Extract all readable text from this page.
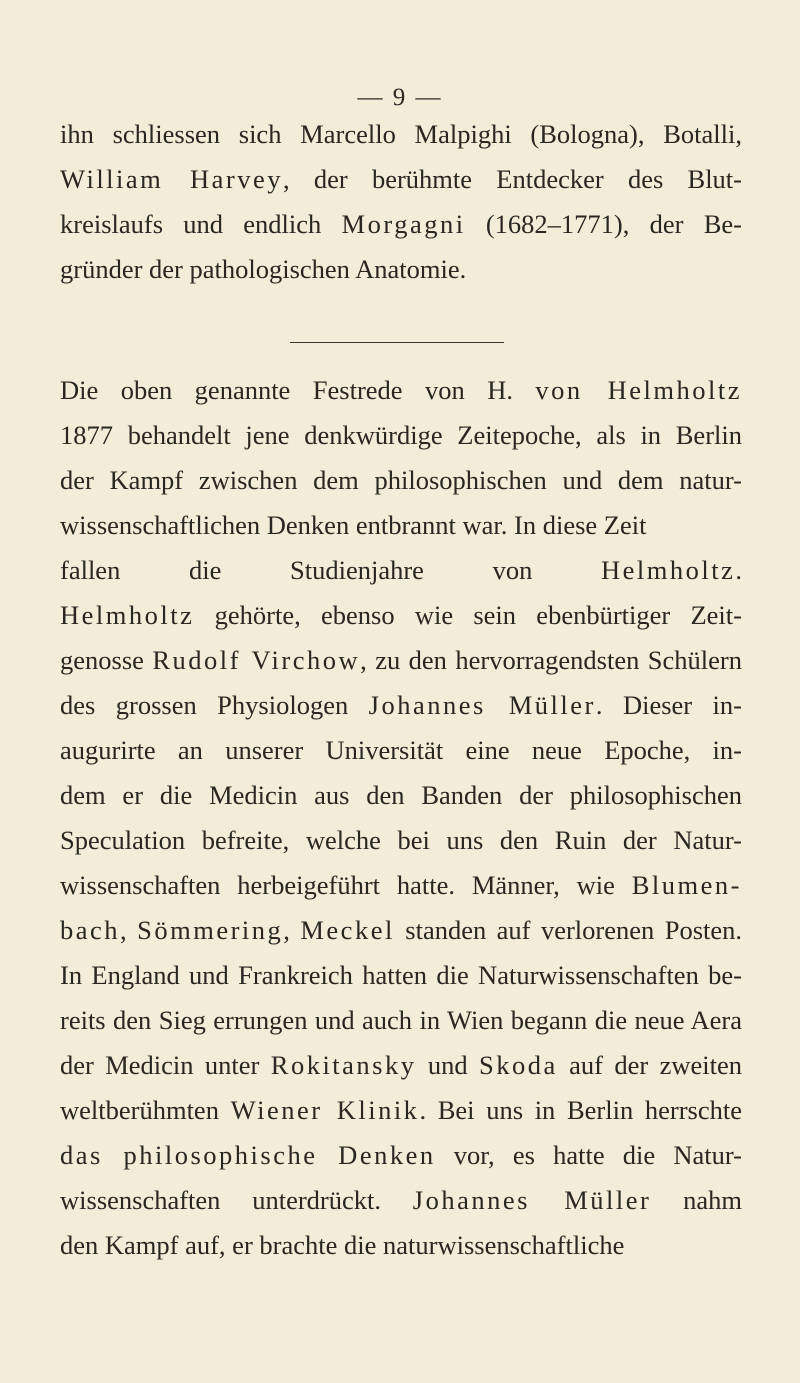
— 9 —
ihn schliessen sich Marcello Malpighi (Bologna), Botalli,
William Harvey, der berühmte Entdecker des Blut-
kreislaufs und endlich Morgagni (1682–1771), der Be-
gründer der pathologischen Anatomie.
Die oben genannte Festrede von H. von Helmholtz
1877 behandelt jene denkwürdige Zeitepoche, als in Berlin
der Kampf zwischen dem philosophischen und dem natur-
wissenschaftlichen Denken entbrannt war. In diese Zeit
fallen die Studienjahre von Helmholtz.
Helmholtz gehörte, ebenso wie sein ebenbürtiger Zeit-
genosse Rudolf Virchow, zu den hervorragendsten Schülern
des grossen Physiologen Johannes Müller. Dieser in-
augurirte an unserer Universität eine neue Epoche, in-
dem er die Medicin aus den Banden der philosophischen
Speculation befreite, welche bei uns den Ruin der Natur-
wissenschaften herbeigeführt hatte. Männer, wie Blumen-
bach, Sömmering, Meckel standen auf verlorenen Posten.
In England und Frankreich hatten die Naturwissenschaften be-
reits den Sieg errungen und auch in Wien begann die neue Aera
der Medicin unter Rokitansky und Skoda auf der zweiten
weltberühmten Wiener Klinik. Bei uns in Berlin herrschte
das philosophische Denken vor, es hatte die Natur-
wissenschaften unterdrückt. Johannes Müller nahm
den Kampf auf, er brachte die naturwissenschaftliche
